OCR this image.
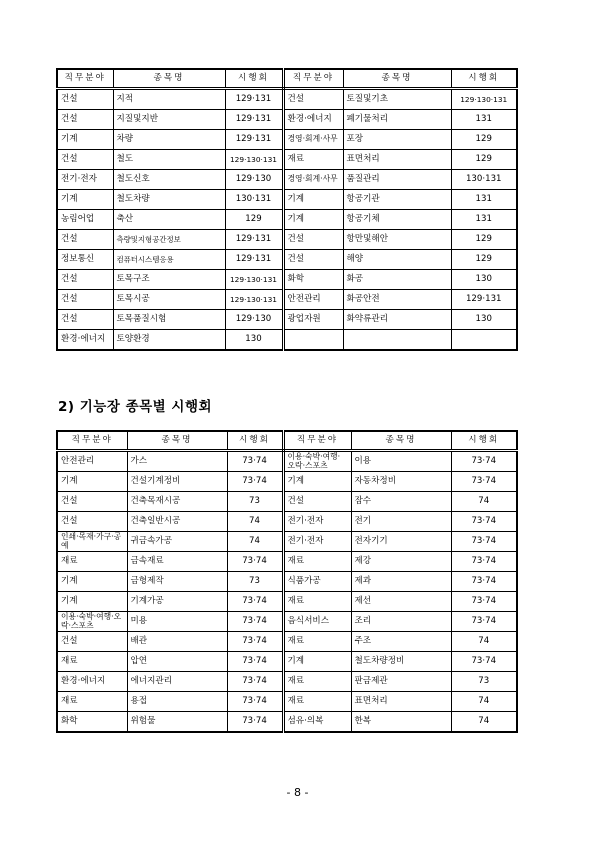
직무분야	종목명	시행회	직무분야	종목명	시행회
건설	지적	129·131	건설	토질및기초	129·130·131
건설	지질및지반	129·131	환경·에너지	폐기물처리	131
기계	차량	129·131	경영·회계·사무	포장	129
건설	철도	129·130·131	재료	표면처리	129
전기·전자	철도신호	129·130	경영·회계·사무	품질관리	130·131
기계	철도차량	130·131	기계	항공기관	131
농림어업	축산	129	기계	항공기체	131
건설	측량및지형공간정보	129·131	건설	항만및해안	129
정보통신	컴퓨터시스템응용	129·131	건설	해양	129
건설	토목구조	129·130·131	화학	화공	130
건설	토목시공	129·130·131	안전관리	화공안전	129·131
건설	토목품질시험	129·130	광업자원	화약류관리	130
환경·에너지	토양환경	130			
2) 기능장 종목별 시행회
직무분야	종목명	시행회	직무분야	종목명	시행회
안전관리	가스	73·74	이용·숙박·여행·오락·스포츠	이용	73·74
기계	건설기계정비	73·74	기계	자동차정비	73·74
건설	건축목재시공	73	건설	잠수	74
건설	건축일반시공	74	전기·전자	전기	73·74
인쇄·목재·가구·공예	귀금속가공	74	전기·전자	전자기기	73·74
재료	금속재료	73·74	재료	제강	73·74
기계	금형제작	73	식품가공	제과	73·74
기계	기계가공	73·74	재료	제선	73·74
이용·숙박·여행·오락·스포츠	미용	73·74	음식서비스	조리	73·74
건설	배관	73·74	재료	주조	74
재료	압연	73·74	기계	철도차량정비	73·74
환경·에너지	에너지관리	73·74	재료	판금제관	73
재료	용접	73·74	재료	표면처리	74
화학	위험물	73·74	섬유·의복	한복	74
- 8 -
